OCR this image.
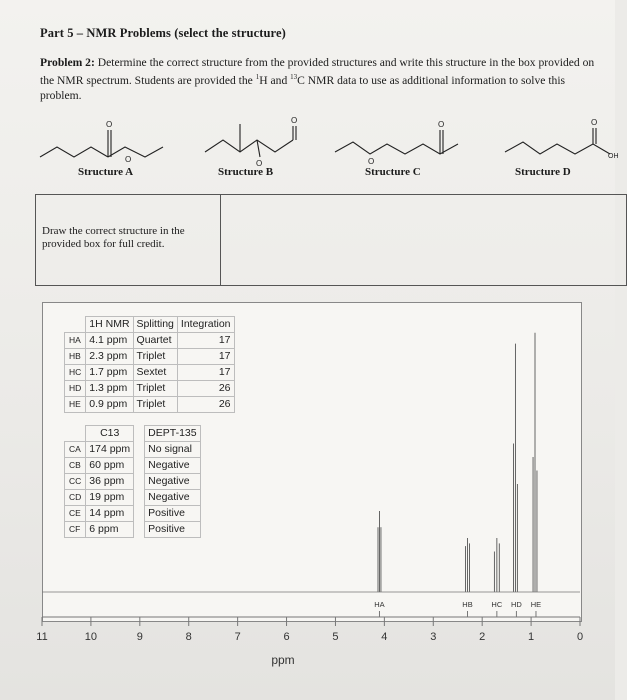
Part 5 – NMR Problems (select the structure)
Problem 2: Determine the correct structure from the provided structures and write this structure in the box provided on the NMR spectrum. Students are provided the $^1$H and $^{13}$C NMR data to use as additional information to solve this problem.
O
O	O
O	O
O
O
OH
Structure A	Structure B	Structure C	Structure D
Draw the correct structure in the provided box for full credit.
	1H NMR	Splitting	Integration
HA	4.1 ppm	Quartet	17
HB	2.3 ppm	Triplet	17
HC	1.7 ppm	Sextet	17
HD	1.3 ppm	Triplet	26
HE	0.9 ppm	Triplet	26
	C13		DEPT-135
CA	174 ppm		No signal
CB	60 ppm		Negative
CC	36 ppm		Negative
CD	19 ppm		Negative
CE	14 ppm		Positive
CF	6 ppm		Positive
11	10	9	8	7	6	5	4	3	2	1	0
HA	HB HC HD HE
ppm
